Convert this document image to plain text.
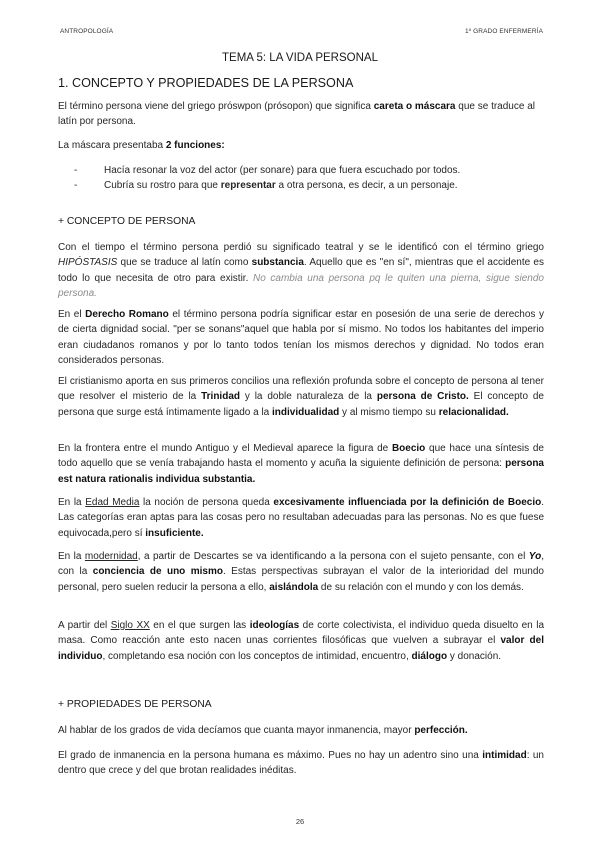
ANTROPOLOGÍA	1º GRADO ENFERMERÍA
TEMA 5: LA VIDA PERSONAL
1. CONCEPTO Y PROPIEDADES DE LA PERSONA

El término persona viene del griego prόswpon (prósopon) que significa careta o máscara que se traduce al latín por persona.

La máscara presentaba 2 funciones:

-	Hacía resonar la voz del actor (per sonare) para que fuera escuchado por todos.
-	Cubría su rostro para que representar a otra persona, es decir, a un personaje.
+ CONCEPTO DE PERSONA

Con el tiempo el término persona perdió su significado teatral y se le identificó con el término griego HIPÓSTASIS que se traduce al latín como substancia. Aquello que es "en sí", mientras que el accidente es todo lo que necesita de otro para existir. No cambia una persona pq le quiten una pierna, sigue siendo persona.

En el Derecho Romano el término persona podría significar estar en posesión de una serie de derechos y de cierta dignidad social. "per se sonans"aquel que habla por sí mismo. No todos los habitantes del imperio eran ciudadanos romanos y por lo tanto todos tenían los mismos derechos y dignidad. No todos eran considerados personas.

El cristianismo aporta en sus primeros concilios una reflexión profunda sobre el concepto de persona al tener que resolver el misterio de la Trinidad y la doble naturaleza de la persona de Cristo. El concepto de persona que surge está íntimamente ligado a la individualidad y al mismo tiempo su relacionalidad.

En la frontera entre el mundo Antiguo y el Medieval aparece la figura de Boecio que hace una síntesis de todo aquello que se venía trabajando hasta el momento y acuña la siguiente definición de persona: persona est natura rationalis individua substantia.

En la Edad Media la noción de persona queda excesivamente influenciada por la definición de Boecio. Las categorías eran aptas para las cosas pero no resultaban adecuadas para las personas. No es que fuese equivocada,pero sí insuficiente.

En la modernidad, a partir de Descartes se va identificando a la persona con el sujeto pensante, con el Yo, con la conciencia de uno mismo. Estas perspectivas subrayan el valor de la interioridad del mundo personal, pero suelen reducir la persona a ello, aislándola de su relación con el mundo y con los demás.

A partir del Siglo XX en el que surgen las ideologías de corte colectivista, el individuo queda disuelto en la masa. Como reacción ante esto nacen unas corrientes filosóficas que vuelven a subrayar el valor del individuo, completando esa noción con los conceptos de intimidad, encuentro, diálogo y donación.

+ PROPIEDADES DE PERSONA

Al hablar de los grados de vida decíamos que cuanta mayor inmanencia, mayor perfección.

El grado de inmanencia en la persona humana es máximo. Pues no hay un adentro sino una intimidad: un dentro que crece y del que brotan realidades inéditas.

26
